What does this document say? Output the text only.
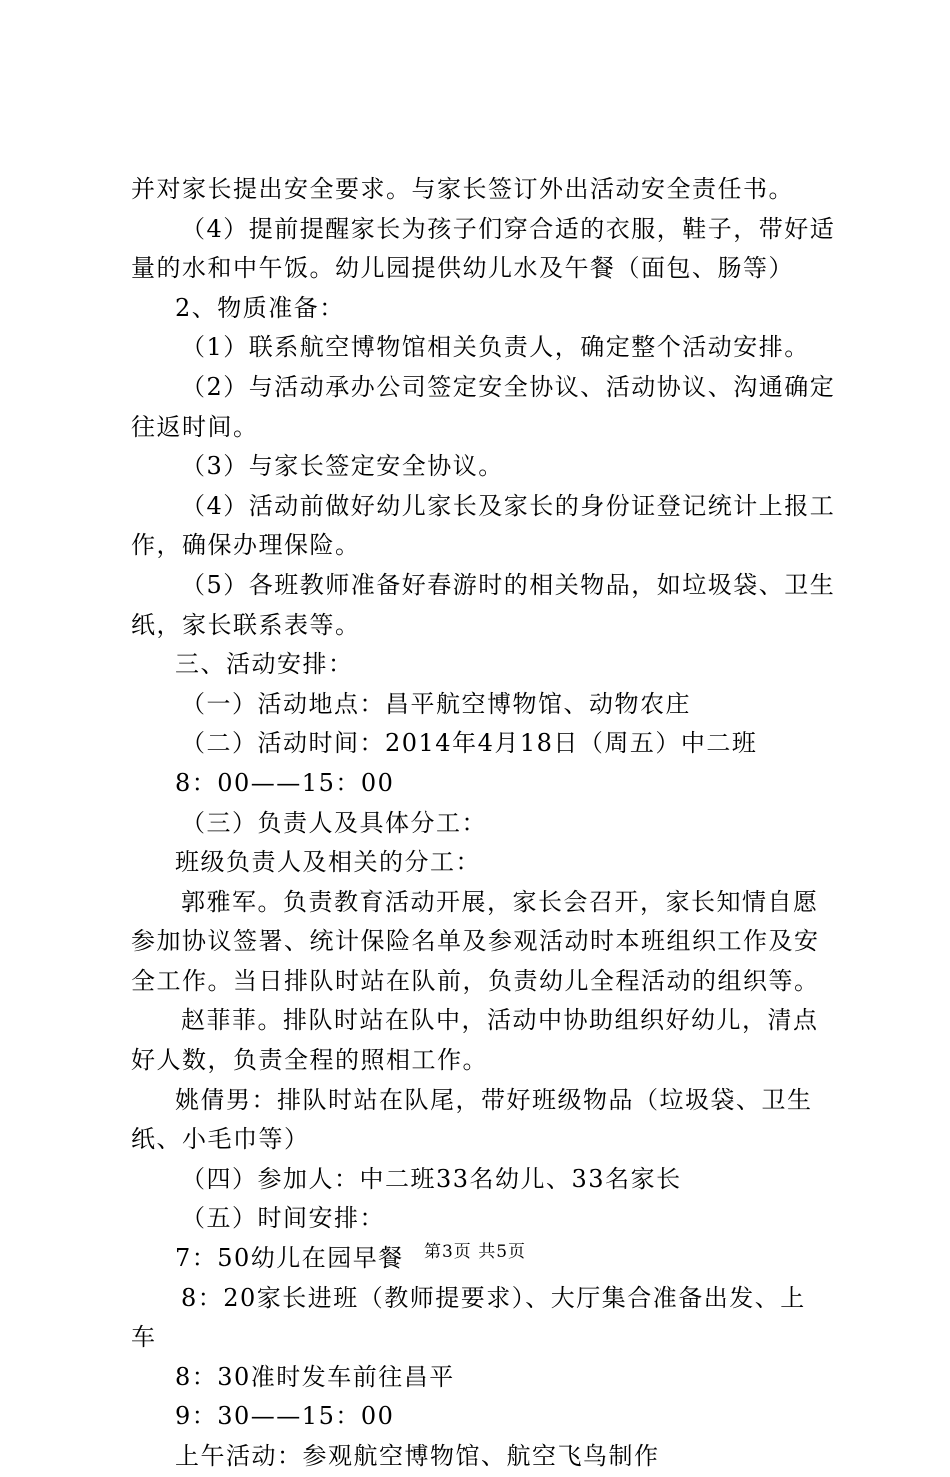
并对家长提出安全要求。与家长签订外出活动安全责任书。
（4）提前提醒家长为孩子们穿合适的衣服，鞋子，带好适
量的水和中午饭。幼儿园提供幼儿水及午餐（面包、肠等）
2、物质准备：
（1）联系航空博物馆相关负责人，确定整个活动安排。
（2）与活动承办公司签定安全协议、活动协议、沟通确定
往返时间。
（3）与家长签定安全协议。
（4）活动前做好幼儿家长及家长的身份证登记统计上报工
作，确保办理保险。
（5）各班教师准备好春游时的相关物品，如垃圾袋、卫生
纸，家长联系表等。
三、活动安排：
（一）活动地点：昌平航空博物馆、动物农庄
（二）活动时间：2014年4月18日（周五）中二班
8：00——15：00
（三）负责人及具体分工：
班级负责人及相关的分工：
郭雅军。负责教育活动开展，家长会召开，家长知情自愿
参加协议签署、统计保险名单及参观活动时本班组织工作及安
全工作。当日排队时站在队前，负责幼儿全程活动的组织等。
赵菲菲。排队时站在队中，活动中协助组织好幼儿，清点
好人数，负责全程的照相工作。
姚倩男：排队时站在队尾，带好班级物品（垃圾袋、卫生
纸、小毛巾等）
（四）参加人：中二班33名幼儿、33名家长
（五）时间安排：
7：50幼儿在园早餐
8：20家长进班（教师提要求）、大厅集合准备出发、上
车
8：30准时发车前往昌平
9：30——15：00
上午活动：参观航空博物馆、航空飞鸟制作
第3页 共5页
